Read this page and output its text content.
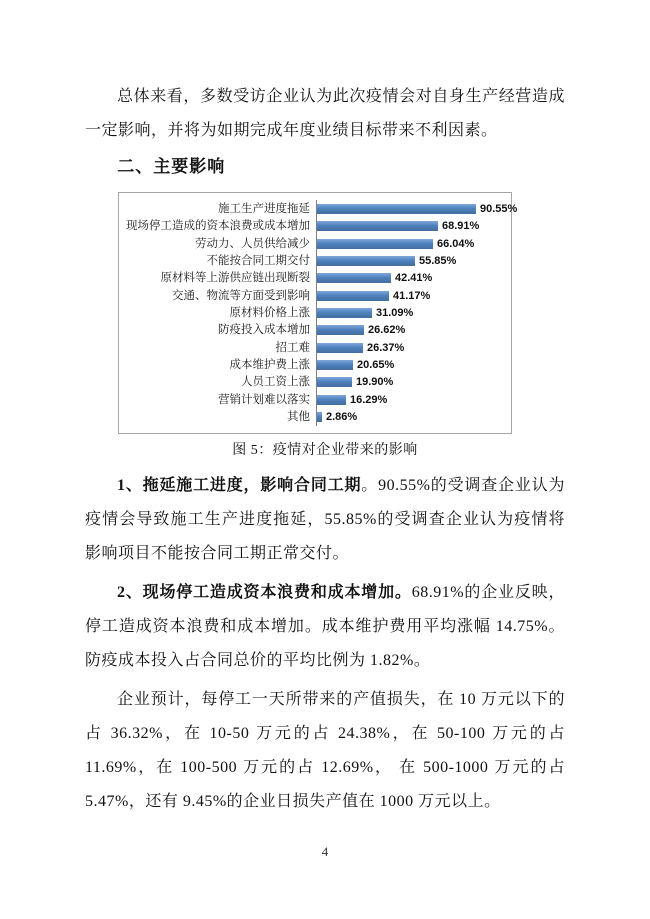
总体来看，多数受访企业认为此次疫情会对自身生产经营造成一定影响，并将为如期完成年度业绩目标带来不利因素。

二、主要影响
施工生产进度拖延	90.55%
现场停工造成的资本浪费或成本增加	68.91%
劳动力、人员供给减少	66.04%
不能按合同工期交付	55.85%
原材料等上游供应链出现断裂	42.41%
交通、物流等方面受到影响	41.17%
原材料价格上涨	31.09%
防疫投入成本增加	26.62%
招工难	26.37%
成本维护费上涨	20.65%
人员工资上涨	19.90%
营销计划难以落实	16.29%
其他	2.86%
图 5：疫情对企业带来的影响

1、拖延施工进度，影响合同工期。90.55%的受调查企业认为疫情会导致施工生产进度拖延，55.85%的受调查企业认为疫情将影响项目不能按合同工期正常交付。

2、现场停工造成资本浪费和成本增加。68.91%的企业反映，停工造成资本浪费和成本增加。成本维护费用平均涨幅 14.75%。防疫成本投入占合同总价的平均比例为 1.82%。

企业预计，每停工一天所带来的产值损失，在 10 万元以下的占 36.32%，在 10-50 万元的占 24.38%，在 50-100 万元的占 11.69%，在 100-500 万元的占 12.69%， 在 500-1000 万元的占 5.47%，还有 9.45%的企业日损失产值在 1000 万元以上。

4
